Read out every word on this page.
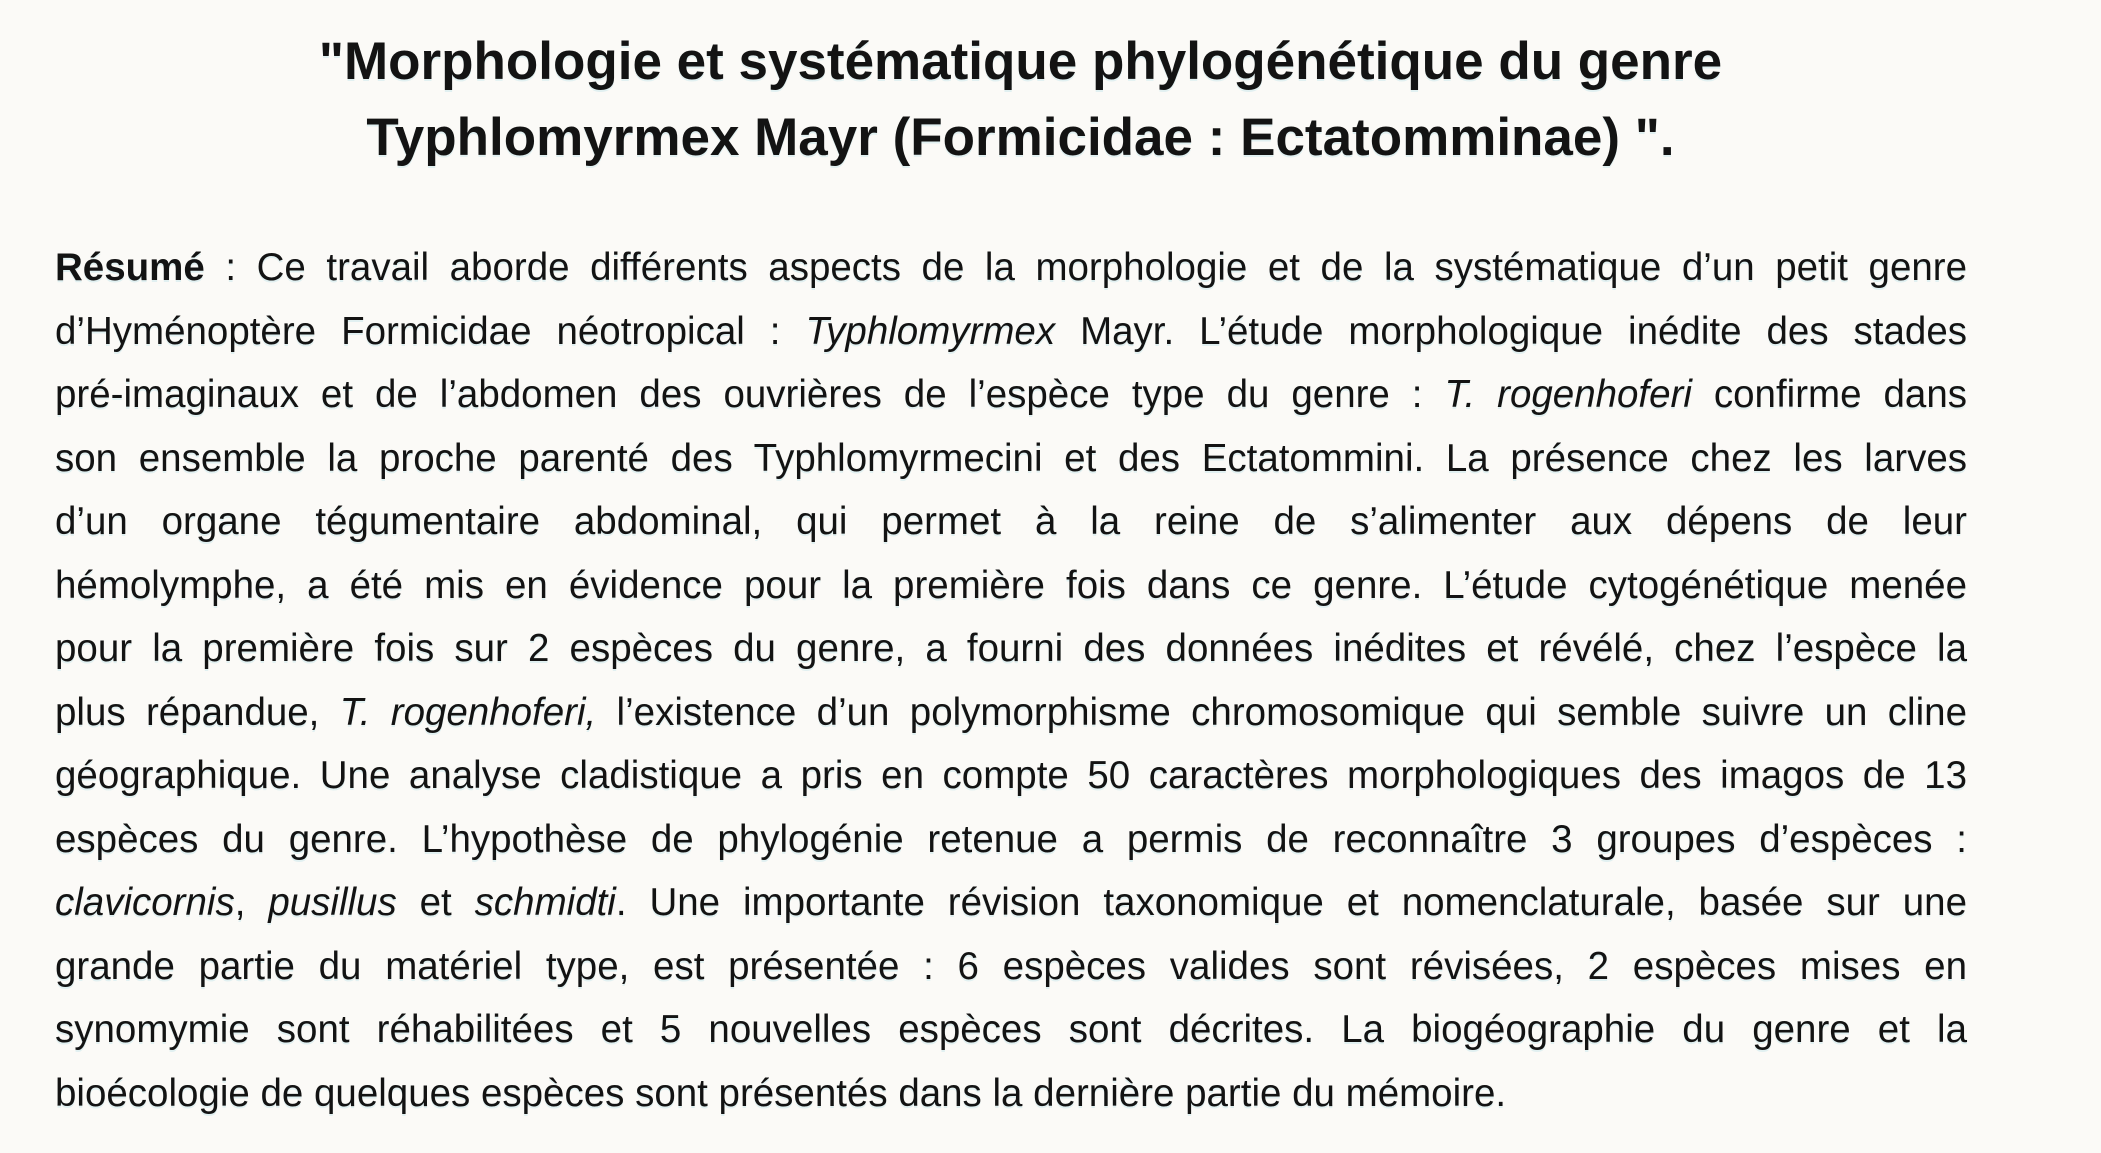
"Morphologie et systématique phylogénétique du genre
Typhlomyrmex Mayr (Formicidae : Ectatomminae) ".
Résumé : Ce travail aborde différents aspects de la morphologie et de la systématique d’un petit genre
d’Hyménoptère Formicidae néotropical : Typhlomyrmex Mayr. L’étude morphologique inédite des stades
pré-imaginaux et de l’abdomen des ouvrières de l’espèce type du genre : T. rogenhoferi confirme dans
son ensemble la proche parenté des Typhlomyrmecini et des Ectatommini. La présence chez les larves
d’un organe tégumentaire abdominal, qui permet à la reine de s’alimenter aux dépens de leur
hémolymphe, a été mis en évidence pour la première fois dans ce genre. L’étude cytogénétique menée
pour la première fois sur 2 espèces du genre, a fourni des données inédites et révélé, chez l’espèce la
plus répandue, T. rogenhoferi, l’existence d’un polymorphisme chromosomique qui semble suivre un cline
géographique. Une analyse cladistique a pris en compte 50 caractères morphologiques des imagos de 13
espèces du genre. L’hypothèse de phylogénie retenue a permis de reconnaître 3 groupes d’espèces :
clavicornis, pusillus et schmidti. Une importante révision taxonomique et nomenclaturale, basée sur une
grande partie du matériel type, est présentée : 6 espèces valides sont révisées, 2 espèces mises en
synomymie sont réhabilitées et 5 nouvelles espèces sont décrites. La biogéographie du genre et la
bioécologie de quelques espèces sont présentés dans la dernière partie du mémoire.
